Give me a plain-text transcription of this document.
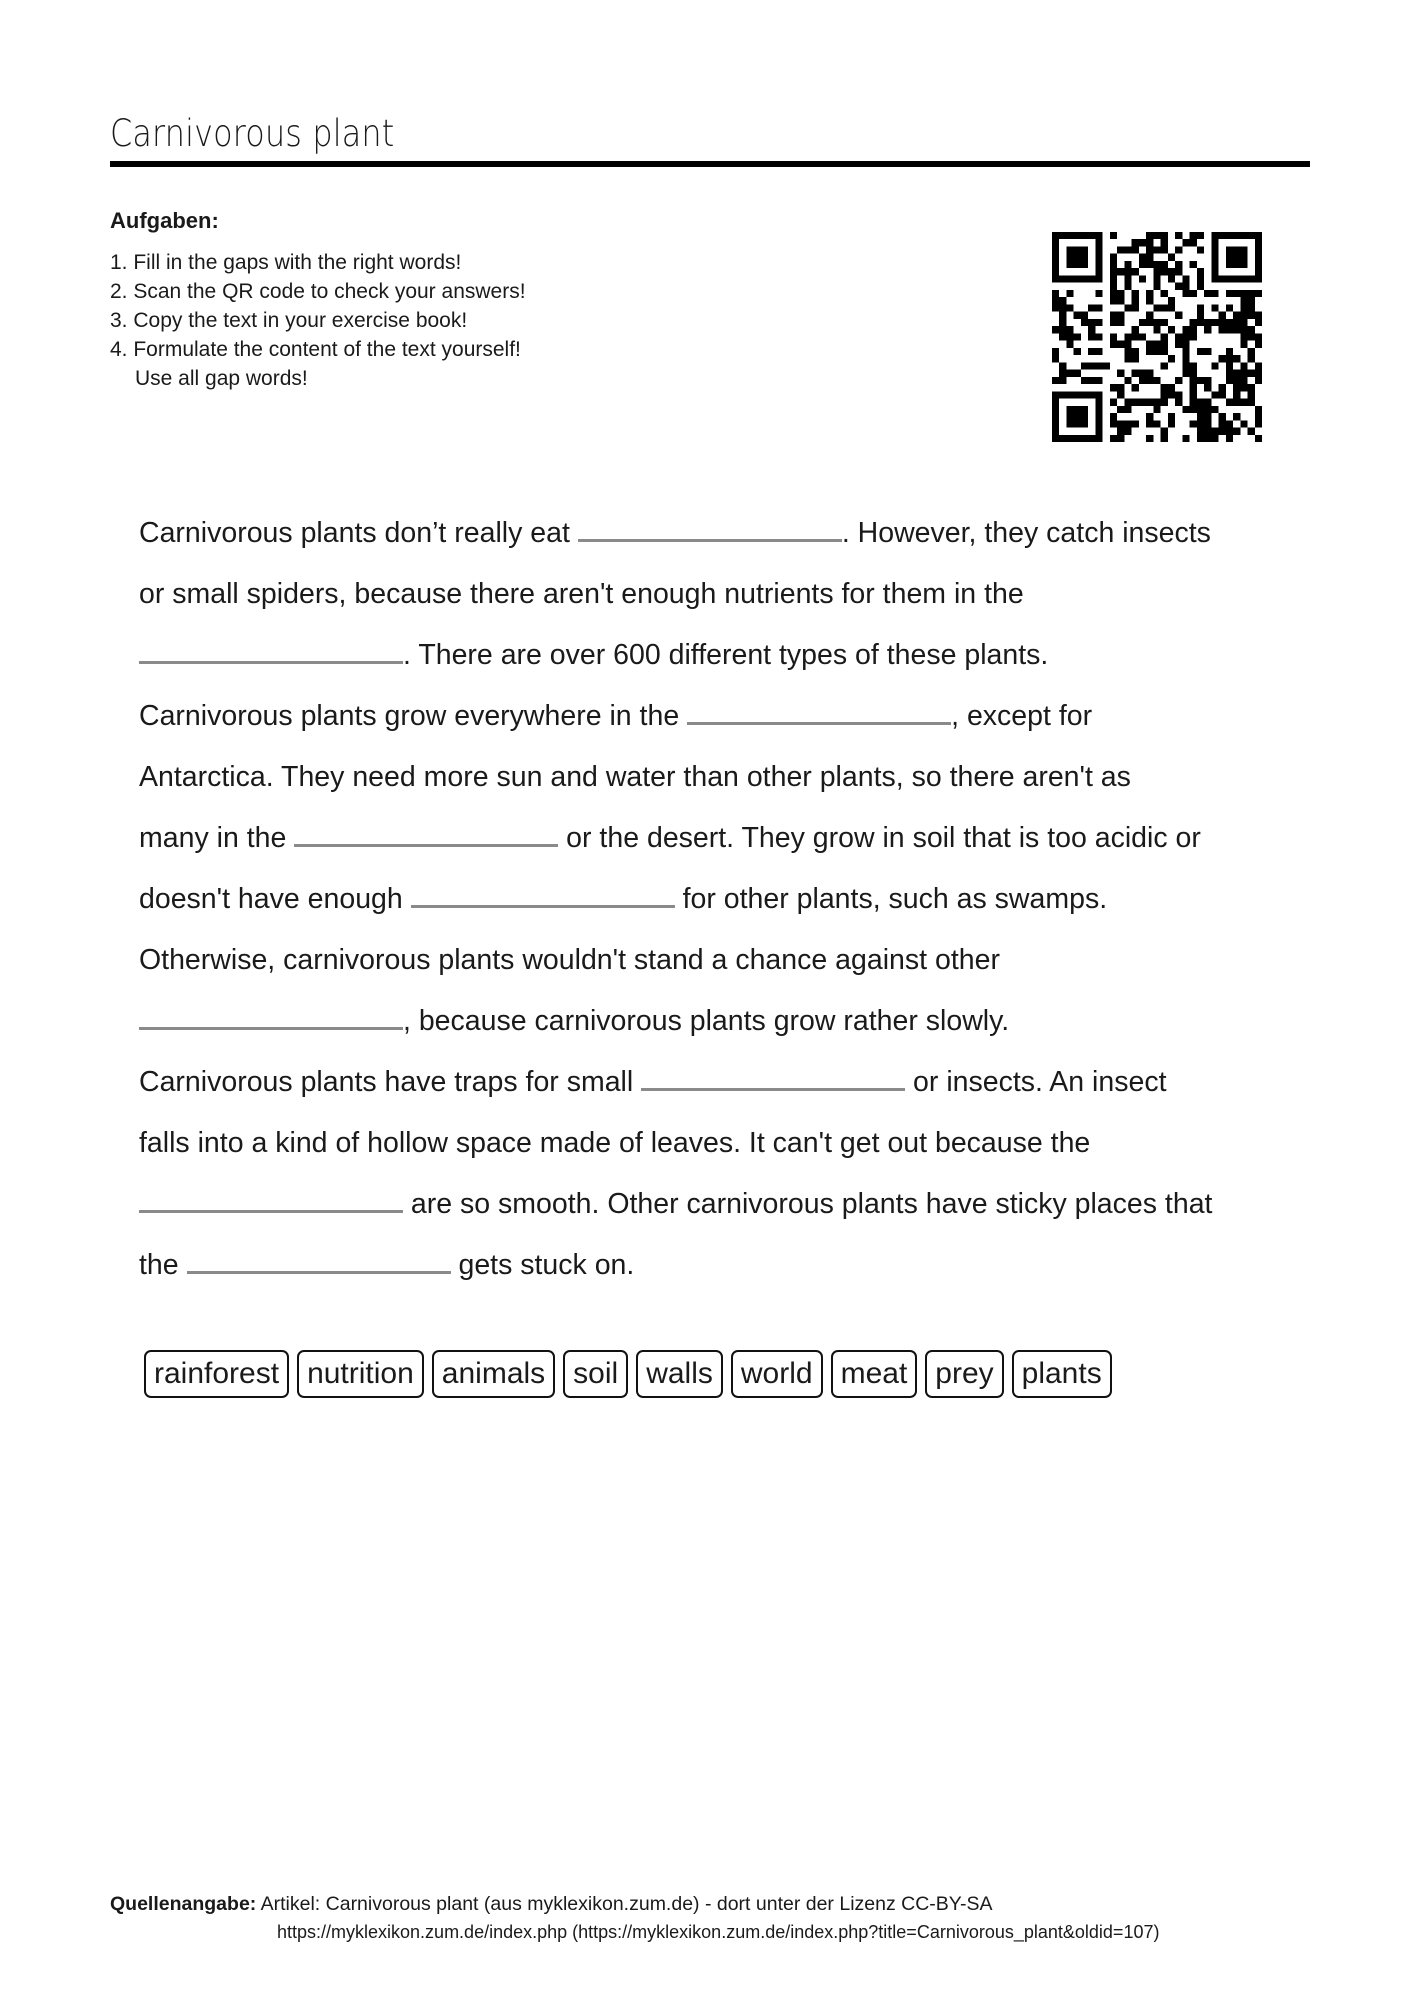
Carnivorous plant
Aufgaben:
1. Fill in the gaps with the right words!
2. Scan the QR code to check your answers!
3. Copy the text in your exercise book!
4. Formulate the content of the text yourself!
Use all gap words!
Carnivorous plants don’t really eat	. However, they catch insects
or small spiders, because there aren't enough nutrients for them in the
. There are over 600 different types of these plants.
Carnivorous plants grow everywhere in the	, except for
Antarctica. They need more sun and water than other plants, so there aren't as
many in the	or the desert. They grow in soil that is too acidic or
doesn't have enough	for other plants, such as swamps.
Otherwise, carnivorous plants wouldn't stand a chance against other
, because carnivorous plants grow rather slowly.
Carnivorous plants have traps for small	or insects. An insect
falls into a kind of hollow space made of leaves. It can't get out because the
are so smooth. Other carnivorous plants have sticky places that
the	gets stuck on.
rainforest nutrition animals soil walls world meat prey plants
Quellenangabe: Artikel: Carnivorous plant (aus myklexikon.zum.de) - dort unter der Lizenz CC-BY-SA
https://myklexikon.zum.de/index.php (https://myklexikon.zum.de/index.php?title=Carnivorous_plant&oldid=107)
